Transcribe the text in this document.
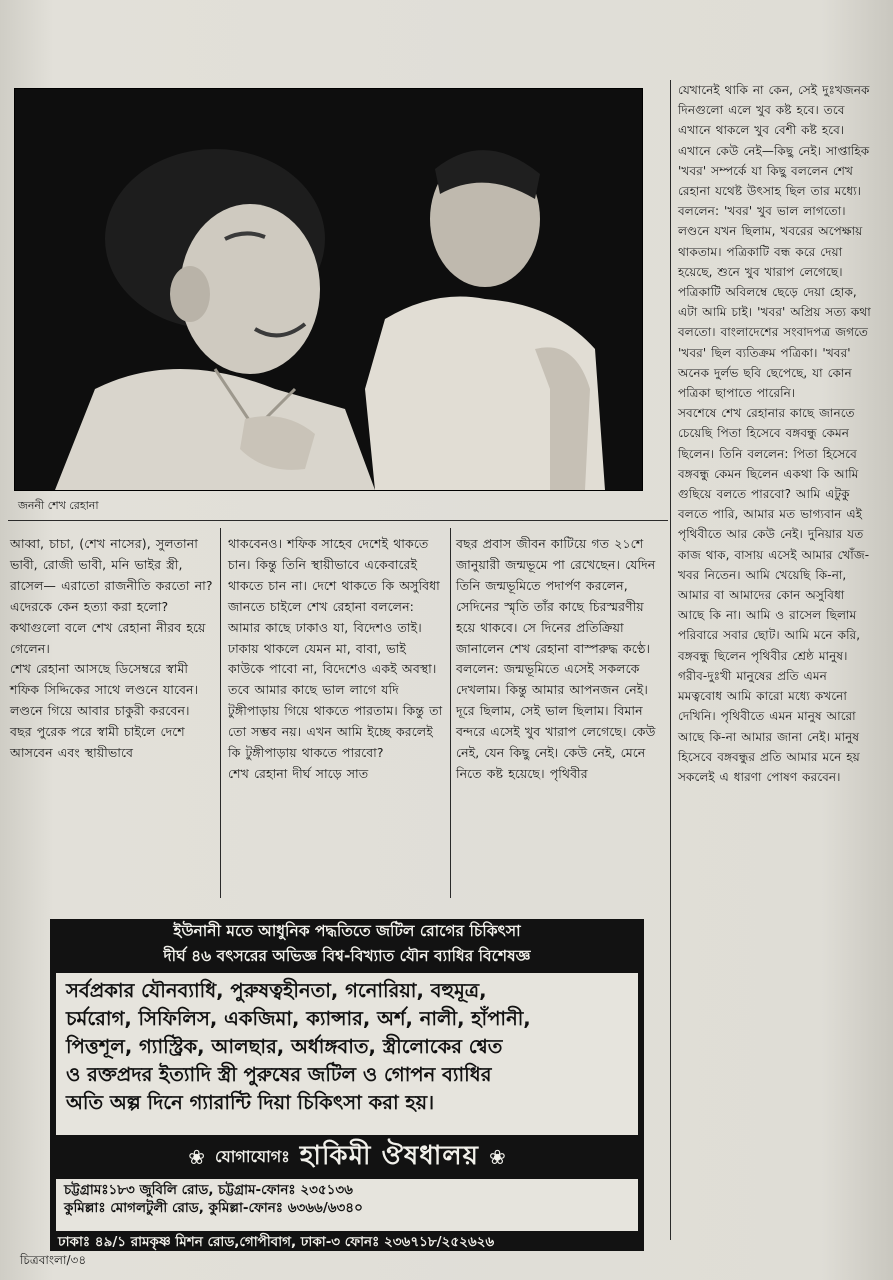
জননী শেখ রেহানা

আব্বা, চাচা, (শেখ নাসের), সুলতানা ভাবী, রোজী ভাবী, মনি ভাইর স্ত্রী, রাসেল— এরাতো রাজনীতি করতো না? এদেরকে কেন হত্যা করা হলো? কথাগুলো বলে শেখ রেহানা নীরব হয়ে গেলেন।

শেখ রেহানা আসছে ডিসেম্বরে স্বামী শফিক সিদ্দিকের সাথে লণ্ডনে যাবেন। লণ্ডনে গিয়ে আবার চাকুরী করবেন। বছর পুরেক পরে স্বামী চাইলে দেশে আসবেন এবং স্থায়ীভাবে

থাকবেনও। শফিক সাহেব দেশেই থাকতে চান। কিন্তু তিনি স্থায়ীভাবে একেবারেই থাকতে চান না। দেশে থাকতে কি অসুবিধা জানতে চাইলে শেখ রেহানা বললেন: আমার কাছে ঢাকাও যা, বিদেশও তাই। ঢাকায় থাকলে যেমন মা, বাবা, ভাই কাউকে পাবো না, বিদেশেও একই অবস্থা। তবে আমার কাছে ভাল লাগে যদি টুঙ্গীপাড়ায় গিয়ে থাকতে পারতাম। কিন্তু তা তো সম্ভব নয়। এখন আমি ইচ্ছে করলেই কি টুঙ্গীপাড়ায় থাকতে পারবো?

শেখ রেহানা দীর্ঘ সাড়ে সাত

বছর প্রবাস জীবন কাটিয়ে গত ২১শে জানুয়ারী জন্মভূমে পা রেখেছেন। যেদিন তিনি জন্মভূমিতে পদার্পণ করলেন, সেদিনের স্মৃতি তাঁর কাছে চিরস্মরণীয় হয়ে থাকবে। সে দিনের প্রতিক্রিয়া জানালেন শেখ রেহানা বাস্পরুদ্ধ কণ্ঠে। বললেন: জন্মভূমিতে এসেই সকলকে দেখলাম। কিন্তু আমার আপনজন নেই। দূরে ছিলাম, সেই ভাল ছিলাম। বিমান বন্দরে এসেই খুব খারাপ লেগেছে। কেউ নেই, যেন কিছু নেই। কেউ নেই, মেনে নিতে কষ্ট হয়েছে। পৃথিবীর

যেখানেই থাকি না কেন, সেই দুঃখজনক দিনগুলো এলে খুব কষ্ট হবে। তবে এখানে থাকলে খুব বেশী কষ্ট হবে। এখানে কেউ নেই—কিছু নেই। সাপ্তাহিক 'খবর' সম্পর্কে যা কিছু বললেন শেখ রেহানা যথেষ্ট উৎসাহ ছিল তার মধ্যে। বললেন: 'খবর' খুব ভাল লাগতো। লণ্ডনে যখন ছিলাম, খবরের অপেক্ষায় থাকতাম। পত্রিকাটি বন্ধ করে দেয়া হয়েছে, শুনে খুব খারাপ লেগেছে। পত্রিকাটি অবিলম্বে ছেড়ে দেয়া হোক, এটা আমি চাই। 'খবর' অপ্রিয় সত্য কথা বলতো। বাংলাদেশের সংবাদপত্র জগতে 'খবর' ছিল ব্যতিক্রম পত্রিকা। 'খবর' অনেক দুর্লভ ছবি ছেপেছে, যা কোন পত্রিকা ছাপাতে পারেনি।

সবশেষে শেখ রেহানার কাছে জানতে চেয়েছি পিতা হিসেবে বঙ্গবন্ধু কেমন ছিলেন। তিনি বললেন: পিতা হিসেবে বঙ্গবন্ধু কেমন ছিলেন একথা কি আমি গুছিয়ে বলতে পারবো? আমি এটুকু বলতে পারি, আমার মত ভাগ্যবান এই পৃথিবীতে আর কেউ নেই। দুনিয়ার যত কাজ থাক, বাসায় এসেই আমার খোঁজ-খবর নিতেন। আমি খেয়েছি কি-না, আমার বা আমাদের কোন অসুবিধা আছে কি না। আমি ও রাসেল ছিলাম পরিবারে সবার ছোট। আমি মনে করি, বঙ্গবন্ধু ছিলেন পৃথিবীর শ্রেষ্ঠ মানুষ। গরীব-দুঃখী মানুষের প্রতি এমন মমত্ববোধ আমি কারো মধ্যে কখনো দেখিনি। পৃথিবীতে এমন মানুষ আরো আছে কি-না আমার জানা নেই। মানুষ হিসেবে বঙ্গবন্ধুর প্রতি আমার মনে হয় সকলেই এ ধারণা পোষণ করবেন।

ইউনানী মতে আধুনিক পদ্ধতিতে জটিল রোগের চিকিৎসা
দীর্ঘ ৪৬ বৎসরের অভিজ্ঞ বিশ্ব-বিখ্যাত যৌন ব্যাধির বিশেষজ্ঞ

সর্বপ্রকার যৌনব্যাধি, পুরুষত্বহীনতা, গনোরিয়া, বহুমূত্র,

চর্মরোগ, সিফিলিস, একজিমা, ক্যান্সার, অর্শ, নালী, হাঁপানী,

পিত্তশূল, গ্যাস্ট্রিক, আলছার, অর্ধাঙ্গবাত, স্ত্রীলোকের শ্বেত

ও রক্তপ্রদর ইত্যাদি স্ত্রী পুরুষের জটিল ও গোপন ব্যাধির

অতি অল্প দিনে গ্যারান্টি দিয়া চিকিৎসা করা হয়।

❀ যোগাযোগঃ হাকিমী ঔষধালয় ❀

চট্টগ্রামঃ১৮৩ জুবিলি রোড, চট্টগ্রাম-ফোনঃ ২৩৫১৩৬

কুমিল্লাঃ মোগলটুলী রোড, কুমিল্লা-ফোনঃ ৬৩৬৬/৬৩৪০

ঢাকাঃ ৪৯/১ রামকৃষ্ণ মিশন রোড,গোপীবাগ, ঢাকা-৩ ফোনঃ ২৩৬৭১৮/২৫২৬২৬

চিত্রবাংলা/৩৪
